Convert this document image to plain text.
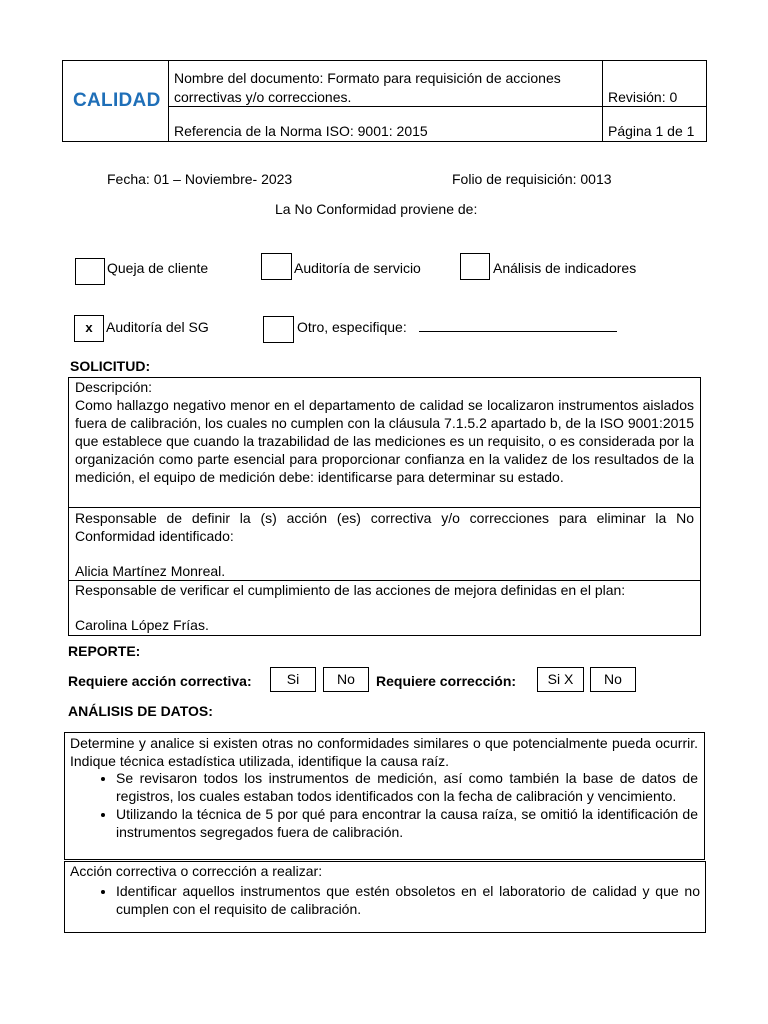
CALIDAD
Nombre del documento: Formato para requisición de acciones
correctivas y/o correcciones.	Revisión: 0
Referencia de la Norma ISO: 9001: 2015	Página 1 de 1
Fecha: 01 – Noviembre- 2023	Folio de requisición: 0013
La No Conformidad proviene de:
Queja de cliente	Auditoría de servicio	Análisis de indicadores
x Auditoría del SG	Otro, especifique:
SOLICITUD:
Descripción:
Como hallazgo negativo menor en el departamento de calidad se localizaron instrumentos aislados fuera de calibración, los cuales no cumplen con la cláusula 7.1.5.2 apartado b, de la ISO 9001:2015 que establece que cuando la trazabilidad de las mediciones es un requisito, o es considerada por la organización como parte esencial para proporcionar confianza en la validez de los resultados de la medición, el equipo de medición debe: identificarse para determinar su estado.
Responsable de definir la (s) acción (es) correctiva y/o correcciones para eliminar la No Conformidad identificado:
Alicia Martínez Monreal.
Responsable de verificar el cumplimiento de las acciones de mejora definidas en el plan:
Carolina López Frías.
REPORTE:
Requiere acción correctiva:	Si	No	Requiere corrección:	Si X	No
ANÁLISIS DE DATOS:
Determine y analice si existen otras no conformidades similares o que potencialmente pueda ocurrir. Indique técnica estadística utilizada, identifique la causa raíz.
• Se revisaron todos los instrumentos de medición, así como también la base de datos de registros, los cuales estaban todos identificados con la fecha de calibración y vencimiento.
• Utilizando la técnica de 5 por qué para encontrar la causa raíza, se omitió la identificación de instrumentos segregados fuera de calibración.
Acción correctiva o corrección a realizar:
• Identificar aquellos instrumentos que estén obsoletos en el laboratorio de calidad y que no cumplen con el requisito de calibración.
